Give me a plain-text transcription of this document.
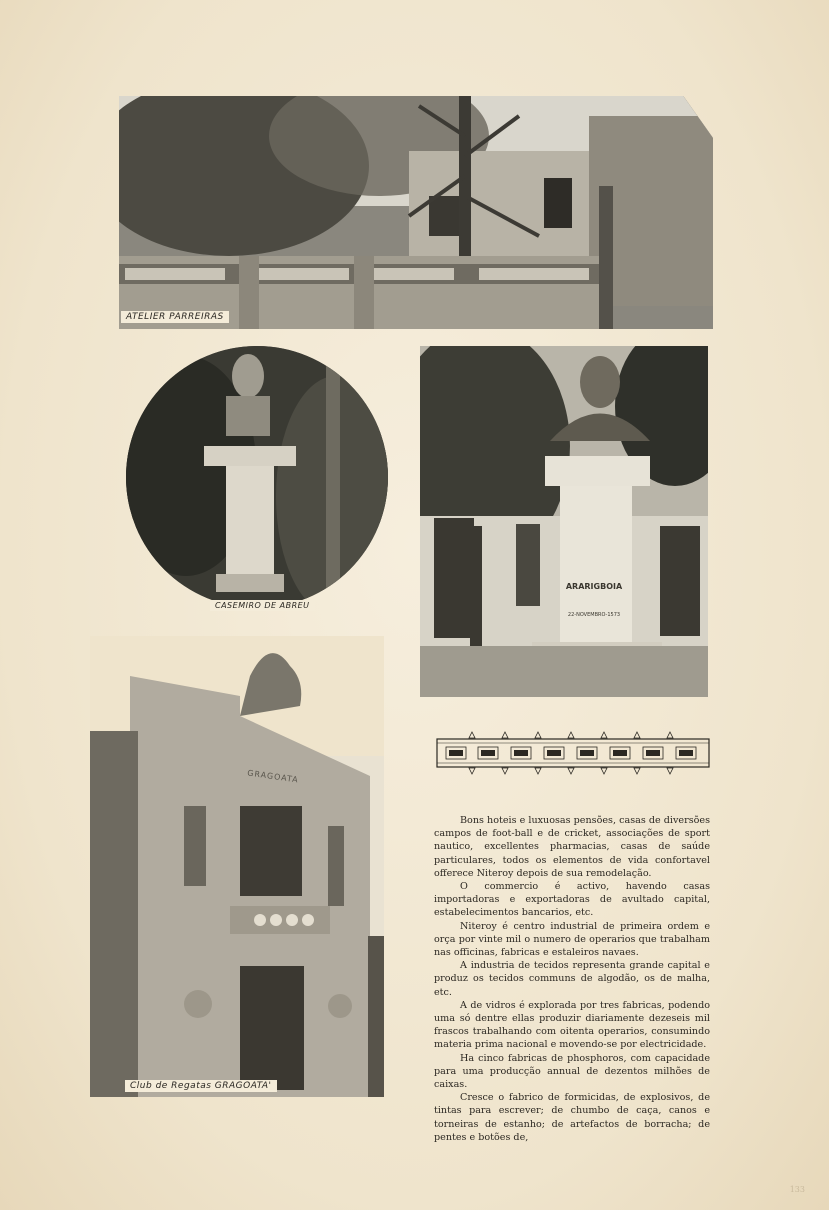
ATELIER PARREIRAS
CASEMIRO DE ABREU
ARARIGBOIA
22-NOVEMBRO-1573
GRAGOATA
Club de Regatas GRAGOATA'

Bons hoteis e luxuosas pensões, casas de diversões campos de foot-ball e de cricket, associações de sport nautico, excellentes pharmacias, casas de saúde particulares, todos os elementos de vida confortavel offerece Niteroy depois de sua remodelação.

O commercio é activo, havendo casas importadoras e exportadoras de avultado capital, estabelecimentos bancarios, etc.

Niteroy é centro industrial de primeira ordem e orça por vinte mil o numero de operarios que trabalham nas officinas, fabricas e estaleiros navaes.

A industria de tecidos representa grande capital e produz os tecidos communs de algodão, os de malha, etc.

A de vidros é explorada por tres fabricas, podendo uma só dentre ellas produzir diariamente dezeseis mil frascos trabalhando com oitenta operarios, consumindo materia prima nacional e movendo-se por electricidade.

Ha cinco fabricas de phosphoros, com capacidade para uma producção annual de dezentos milhões de caixas.

Cresce o fabrico de formicidas, de explosivos, de tintas para escrever; de chumbo de caça, canos e torneiras de estanho; de artefactos de borracha; de pentes e botões de,

133
